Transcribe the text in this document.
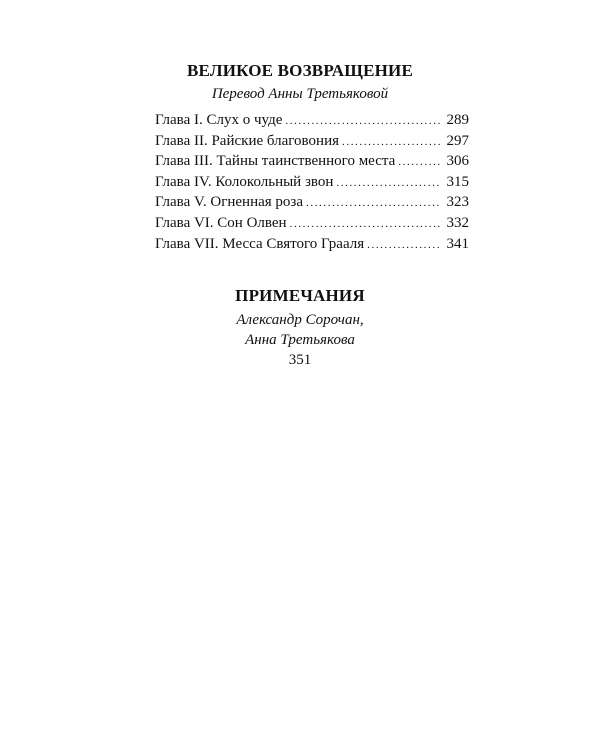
ВЕЛИКОЕ ВОЗВРАЩЕНИЕ
Перевод Анны Третьяковой
Глава I. Слух о чуде .....	289
Глава II. Райские благовония .....	297
Глава III. Тайны таинственного места .....	306
Глава IV. Колокольный звон .....	315
Глава V. Огненная роза .....	323
Глава VI. Сон Олвен .....	332
Глава VII. Месса Святого Грааля .....	341
ПРИМЕЧАНИЯ
Александр Сорочан,
Анна Третьякова
351
